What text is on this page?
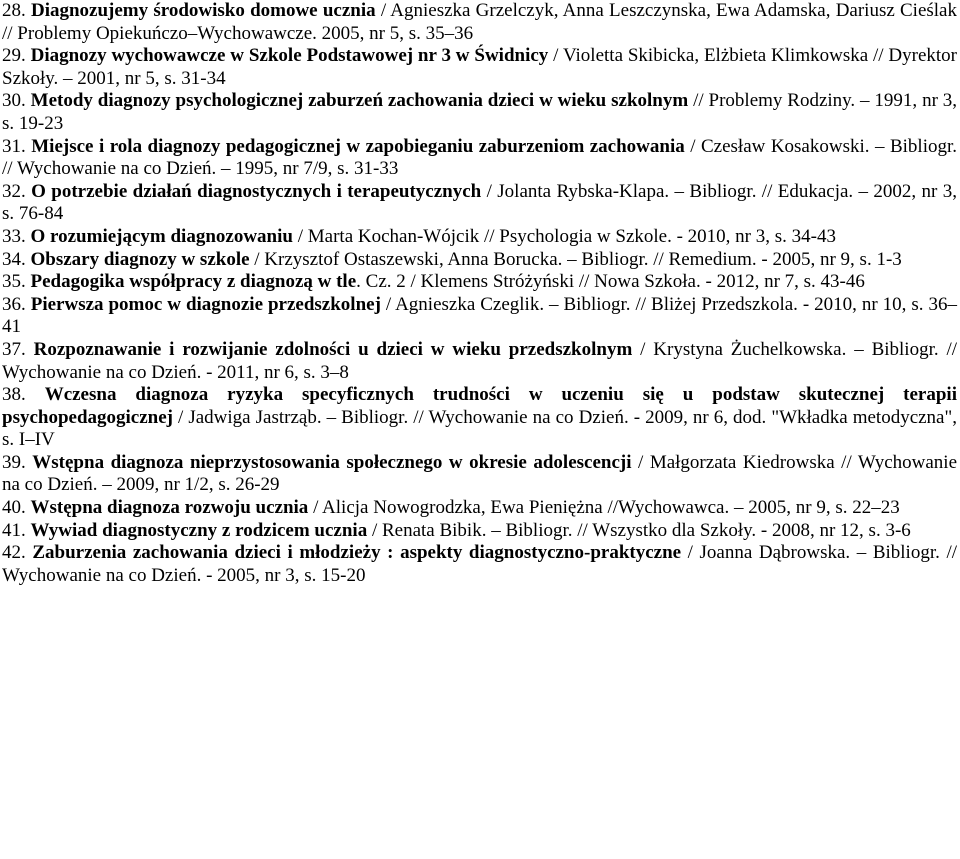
28. Diagnozujemy środowisko domowe ucznia / Agnieszka Grzelczyk, Anna Leszczynska, Ewa Adamska, Dariusz Cieślak // Problemy Opiekuńczo–Wychowawcze. 2005, nr 5, s. 35–36

29. Diagnozy wychowawcze w Szkole Podstawowej nr 3 w Świdnicy / Violetta Skibicka, Elżbieta Klimkowska // Dyrektor Szkoły. – 2001, nr 5, s. 31-34

30. Metody diagnozy psychologicznej zaburzeń zachowania dzieci w wieku szkolnym // Problemy Rodziny. – 1991, nr 3, s. 19-23

31. Miejsce i rola diagnozy pedagogicznej w zapobieganiu zaburzeniom zachowania / Czesław Kosakowski. – Bibliogr. // Wychowanie na co Dzień. – 1995, nr 7/9, s. 31-33

32. O potrzebie działań diagnostycznych i terapeutycznych / Jolanta Rybska-Klapa. – Bibliogr. // Edukacja. – 2002, nr 3, s. 76-84

33. O rozumiejącym diagnozowaniu / Marta Kochan-Wójcik // Psychologia w Szkole. - 2010, nr 3, s. 34-43

34. Obszary diagnozy w szkole / Krzysztof Ostaszewski, Anna Borucka. – Bibliogr. // Remedium. - 2005, nr 9, s. 1-3

35. Pedagogika współpracy z diagnozą w tle. Cz. 2 / Klemens Stróżyński // Nowa Szkoła. - 2012, nr 7, s. 43-46

36. Pierwsza pomoc w diagnozie przedszkolnej / Agnieszka Czeglik. – Bibliogr. // Bliżej Przedszkola. - 2010, nr 10, s. 36–41

37. Rozpoznawanie i rozwijanie zdolności u dzieci w wieku przedszkolnym / Krystyna Żuchelkowska. – Bibliogr. // Wychowanie na co Dzień. - 2011, nr 6, s. 3–8

38. Wczesna diagnoza ryzyka specyficznych trudności w uczeniu się u podstaw skutecznej terapii psychopedagogicznej / Jadwiga Jastrząb. – Bibliogr. // Wychowanie na co Dzień. - 2009, nr 6, dod. "Wkładka metodyczna", s. I–IV

39. Wstępna diagnoza nieprzystosowania społecznego w okresie adolescencji / Małgorzata Kiedrowska // Wychowanie na co Dzień. – 2009, nr 1/2, s. 26-29

40. Wstępna diagnoza rozwoju ucznia / Alicja Nowogrodzka, Ewa Pieniężna //Wychowawca. – 2005, nr 9, s. 22–23

41. Wywiad diagnostyczny z rodzicem ucznia / Renata Bibik. – Bibliogr. // Wszystko dla Szkoły. - 2008, nr 12, s. 3-6

42. Zaburzenia zachowania dzieci i młodzieży : aspekty diagnostyczno-praktyczne / Joanna Dąbrowska. – Bibliogr. // Wychowanie na co Dzień. - 2005, nr 3, s. 15-20
